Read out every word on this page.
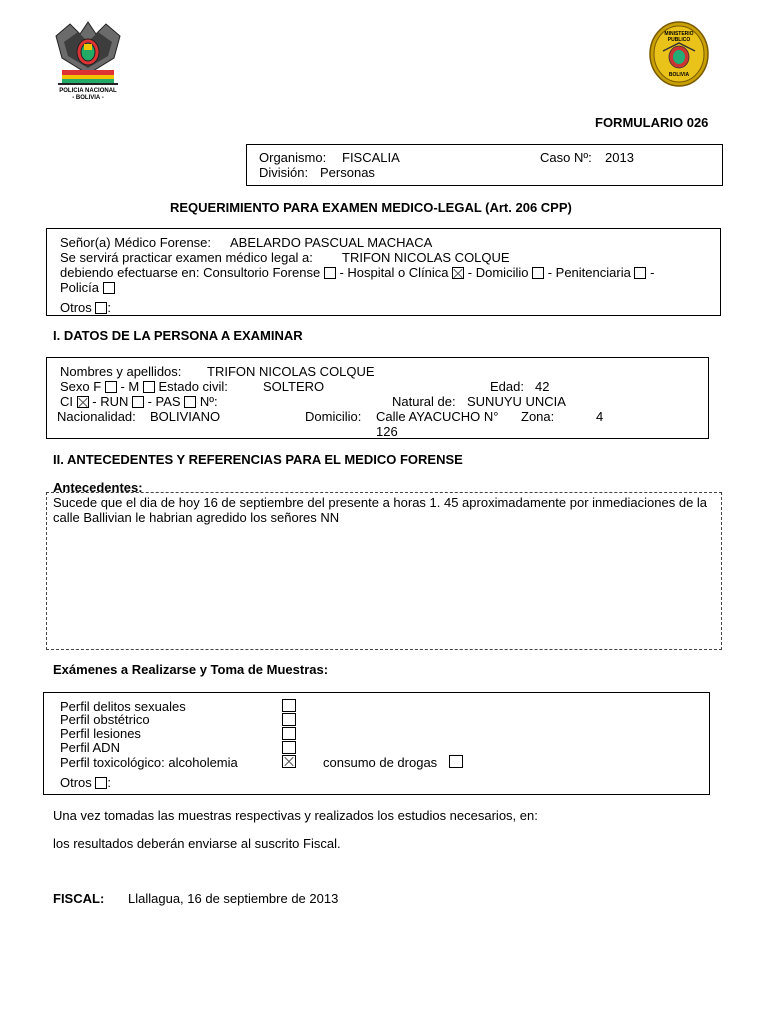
POLICIA NACIONAL
- BOLIVIA -
MINISTERIO
PUBLICO
BOLIVIA
FORMULARIO 026
Organismo: FISCALIA	Caso Nº: 2013
División: Personas
REQUERIMIENTO PARA EXAMEN MEDICO-LEGAL (Art. 206 CPP)
Señor(a) Médico Forense: ABELARDO PASCUAL MACHACA
Se servirá practicar examen médico legal a: TRIFON NICOLAS COLQUE
debiendo efectuarse en: Consultorio Forense - Hospital o Clínica - Domicilio - Penitenciaria -
Policía
Otros :
I. DATOS DE LA PERSONA A EXAMINAR
Nombres y apellidos: TRIFON NICOLAS COLQUE
Sexo F - M Estado civil:	SOLTERO	Edad: 42
CI - RUN - PAS Nº:	Natural de: SUNUYU UNCIA
Nacionalidad: BOLIVIANO	Domicilio: Calle AYACUCHO N°
126
Zona:	4
II. ANTECEDENTES Y REFERENCIAS PARA EL MEDICO FORENSE
Antecedentes:
Sucede que el dia de hoy 16 de septiembre del presente a horas 1. 45 aproximadamente por inmediaciones de la calle Ballivian le habrian agredido los señores NN
Exámenes a Realizarse y Toma de Muestras:
Perfil delitos sexuales
Perfil obstétrico
Perfil lesiones
Perfil ADN
Perfil toxicológico: alcoholemia	consumo de drogas
Otros :
Una vez tomadas las muestras respectivas y realizados los estudios necesarios, en:
los resultados deberán enviarse al suscrito Fiscal.
FISCAL: Llallagua, 16 de septiembre de 2013
